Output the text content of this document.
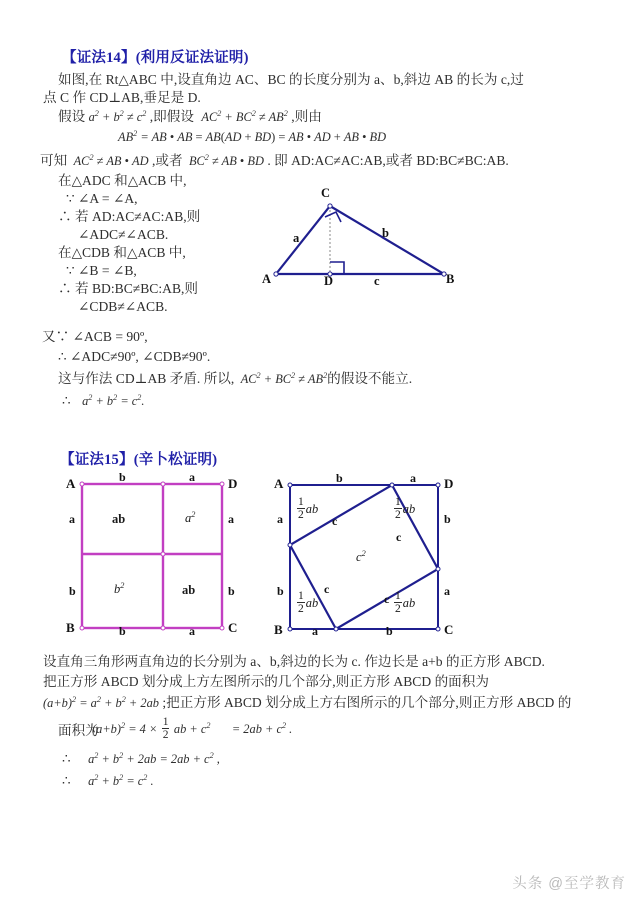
【证法14】(利用反证法证明)
如图,在 Rt△ABC 中,设直角边 AC、BC 的长度分别为 a、b,斜边 AB 的长为 c,过
点 C 作 CD⊥AB,垂足是 D.
假设 $a^2 + b^2 \ne c^2$ ,即假设 $AC^2 + BC^2 \ne AB^2$ ,则由
$AB^2$ = AB • AB = AB(AD + BD) = AB • AD + AB • BD
可知 $AC^2$ ≠ AB • AD ,或者 $BC^2$ ≠ AB • BD . 即 AD:AC≠AC:AB,或者 BD:BC≠BC:AB.
在△ADC 和△ACB 中,
∵ ∠A = ∠A,
∴ 若 AD:AC≠AC:AB,则
∠ADC≠∠ACB.
在△CDB 和△ACB 中,
∵ ∠B = ∠B,
∴ 若 BD:BC≠BC:AB,则
∠CDB≠∠ACB.
又∵ ∠ACB = 90º,
∴ ∠ADC≠90º, ∠CDB≠90º.
这与作法 CD⊥AB 矛盾. 所以, $AC^2 + BC^2 \ne AB^2$的假设不能立.
∴ $a^2 + b^2 = c^2$.
C
A	D	B
a	b
c
【证法15】(辛卜松证明)
A	D
B	C
b	a
b	a
a
b
a
b
ab	$a^2$
$b^2$	ab
A	D
B	C
b	a
a	b
a
b
b
a
$\frac{1}{2}$ ab	$\frac{1}{2}$ ab
$\frac{1}{2}$ ab	$\frac{1}{2}$ ab
c
c
c
c
$c^2$
设直角三角形两直角边的长分别为 a、b,斜边的长为 c. 作边长是 a+b 的正方形 ABCD.
把正方形 ABCD 划分成上方左图所示的几个部分,则正方形 ABCD 的面积为
$(a+b)^2 = a^2 + b^2 + 2ab$ ;把正方形 ABCD 划分成上方右图所示的几个部分,则正方形 ABCD 的
面积为
$(a+b)^2 = 4 \times \frac{1}{2}$ ab + $c^2 = 2ab + c^2$ .
∴ $a^2 + b^2 + 2ab = 2ab + c^2$ ,
∴ $a^2 + b^2 = c^2$ .
头条 @至学教育
